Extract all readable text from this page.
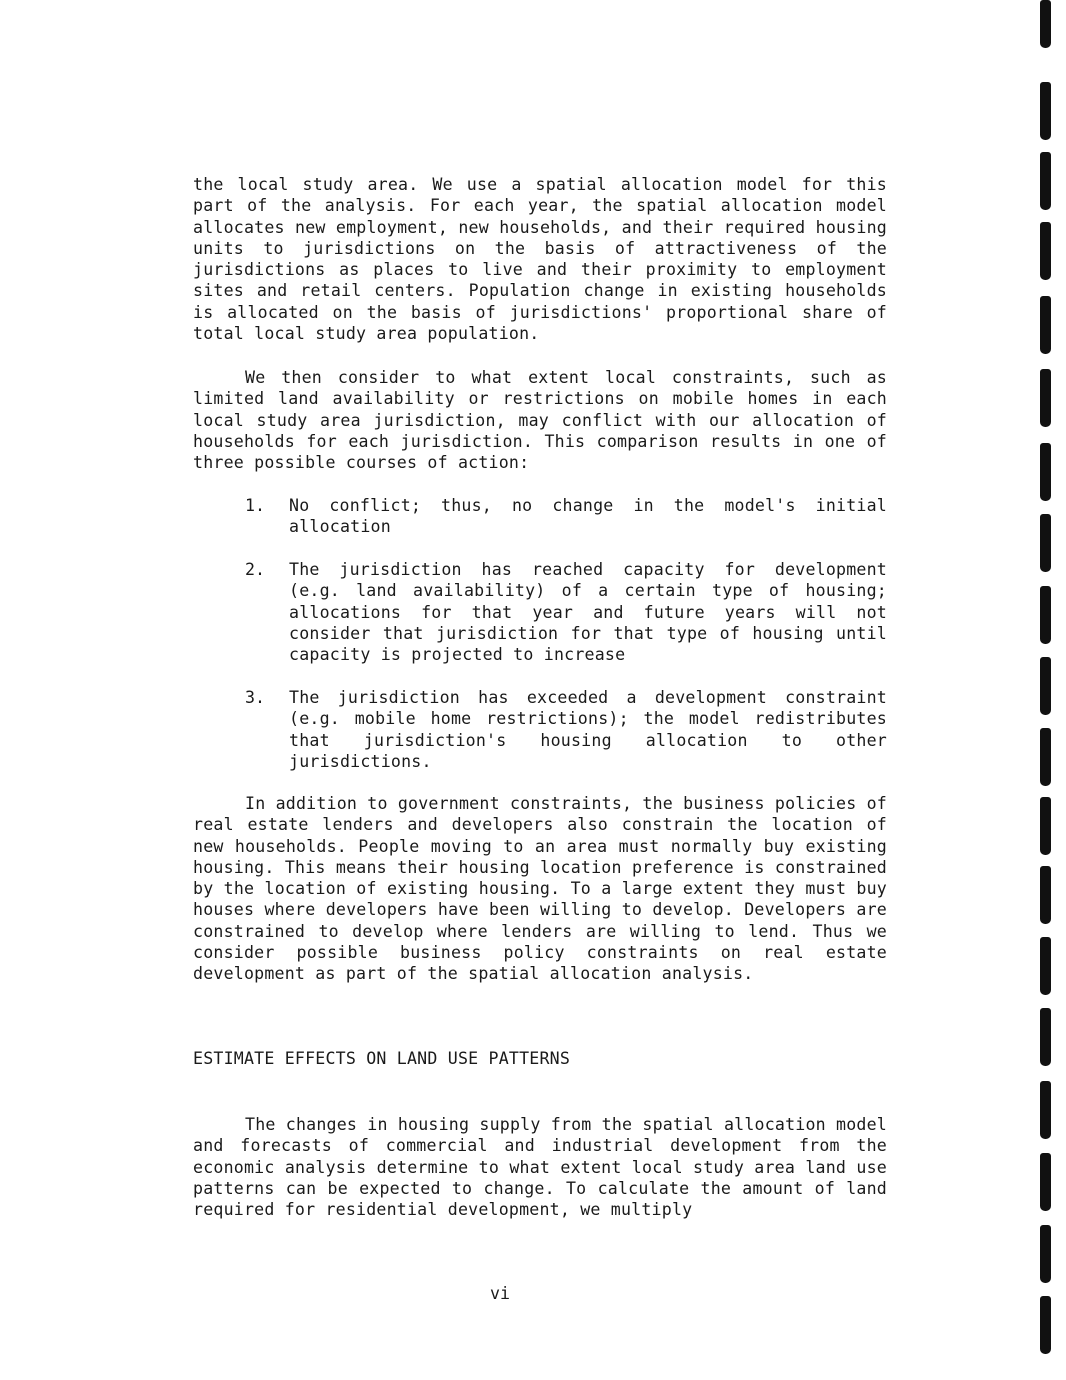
the local study area. We use a spatial allocation model for this part of the analysis. For each year, the spatial allocation model allocates new employment, new households, and their required housing units to jurisdictions on the basis of attractiveness of the jurisdictions as places to live and their proximity to employment sites and retail centers. Population change in existing households is allocated on the basis of jurisdictions' proportional share of total local study area population.

We then consider to what extent local constraints, such as limited land availability or restrictions on mobile homes in each local study area jurisdiction, may conflict with our allocation of households for each jurisdiction. This comparison results in one of three possible courses of action:

1.	No conflict; thus, no change in the model's initial allocation
2.	The jurisdiction has reached capacity for development (e.g. land availability) of a certain type of housing; allocations for that year and future years will not consider that jurisdiction for that type of housing until capacity is projected to increase
3.	The jurisdiction has exceeded a development constraint (e.g. mobile home restrictions); the model redistributes that jurisdiction's housing allocation to other jurisdictions.

In addition to government constraints, the business policies of real estate lenders and developers also constrain the location of new households. People moving to an area must normally buy existing housing. This means their housing location preference is constrained by the location of existing housing. To a large extent they must buy houses where developers have been willing to develop. Developers are constrained to develop where lenders are willing to lend. Thus we consider possible business policy constraints on real estate development as part of the spatial allocation analysis.

ESTIMATE EFFECTS ON LAND USE PATTERNS

The changes in housing supply from the spatial allocation model and forecasts of commercial and industrial development from the economic analysis determine to what extent local study area land use patterns can be expected to change. To calculate the amount of land required for residential development, we multiply

vi
